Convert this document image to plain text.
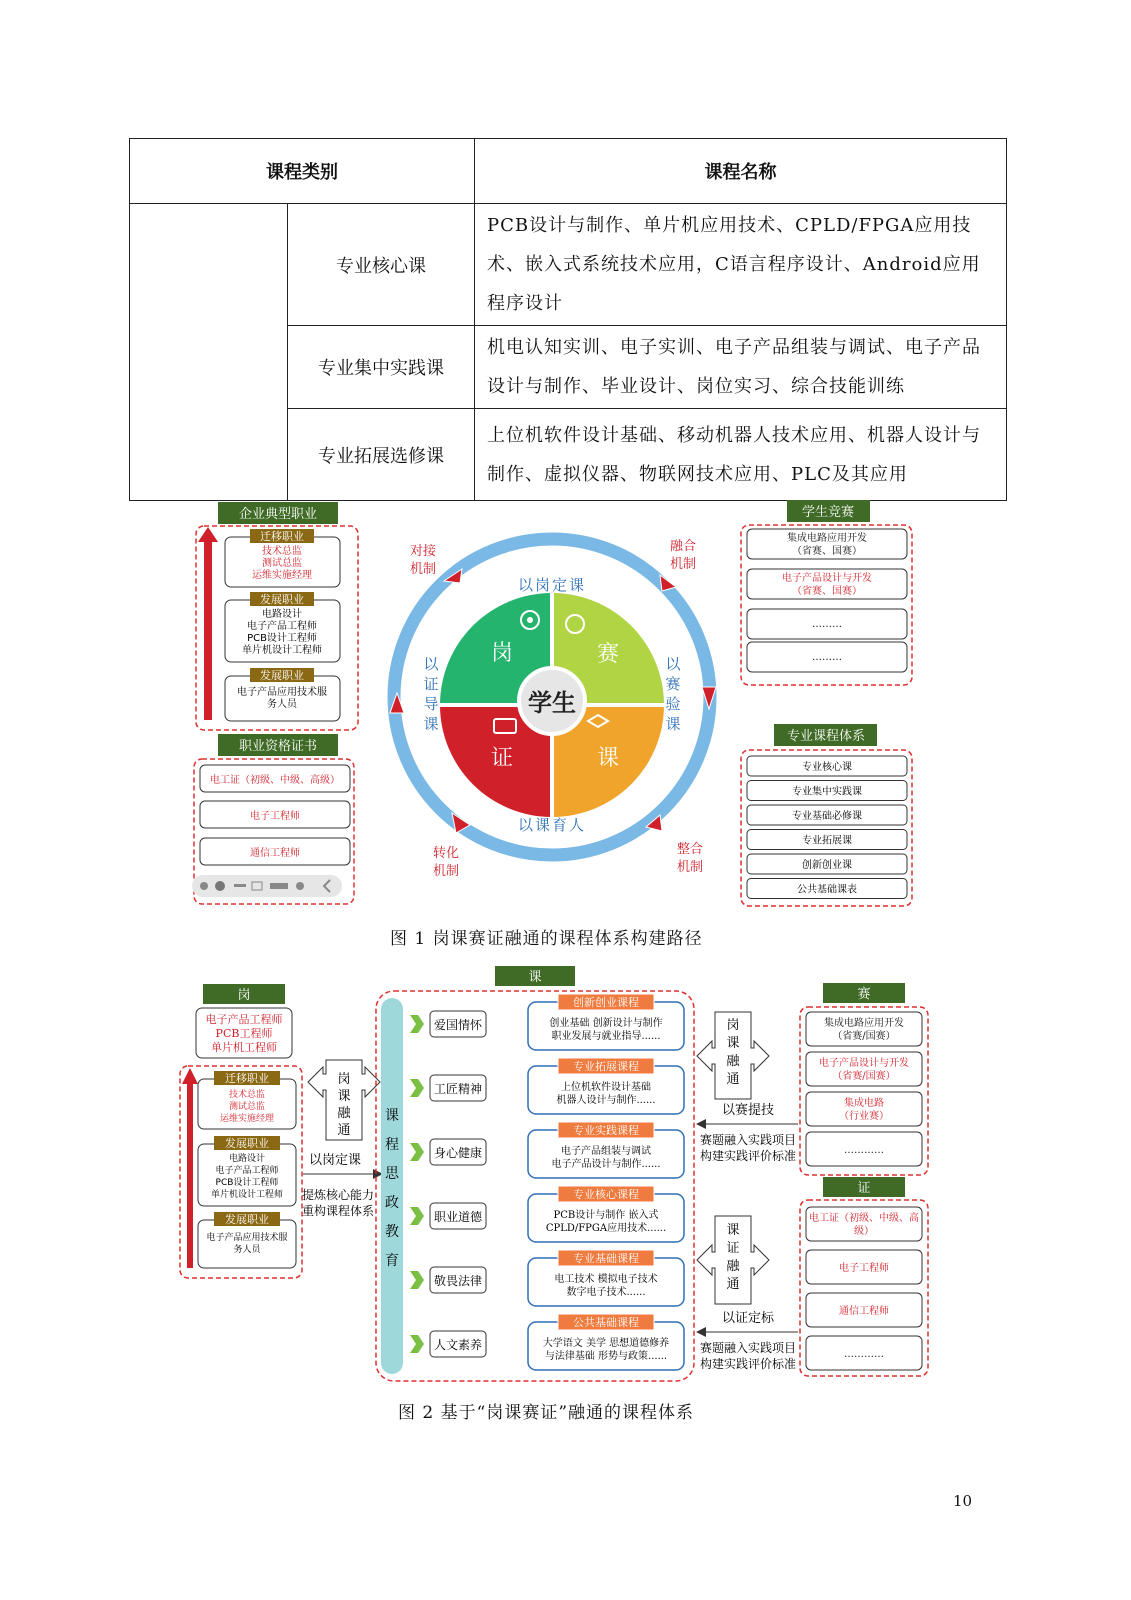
课程类别		课程名称
	专业核心课	PCB设计与制作、单片机应用技术、CPLD/FPGA应用技术、嵌入式系统技术应用，C语言程序设计、Android应用程序设计
	专业集中实践课	机电认知实训、电子实训、电子产品组装与调试、电子产品设计与制作、毕业设计、岗位实习、综合技能训练
	专业拓展选修课	上位机软件设计基础、移动机器人技术应用、机器人设计与制作、虚拟仪器、物联网技术应用、PLC及其应用
企业典型职业
迁移职业
技术总监
测试总监
运维实施经理
发展职业
电路设计
电子产品工程师
PCB设计工程师
单片机设计工程师
发展职业
电子产品应用技术服
务人员
职业资格证书
电工证（初级、中级、高级）
电子工程师
通信工程师
学生
岗	赛
证	课
以岗定课
以课育人
以
证
导
课
以
赛
验
课
对接
机制
融合
机制
转化
机制
整合
机制
学生竞赛
集成电路应用开发
（省赛、国赛）
电子产品设计与开发
（省赛、国赛）
………
………
专业课程体系
专业核心课
专业集中实践课
专业基础必修课
专业拓展课
创新创业课
公共基础课表
图 1 岗课赛证融通的课程体系构建路径
岗
电子产品工程师
PCB工程师
单片机工程师
迁移职业
技术总监
测试总监
运维实施经理
发展职业
电路设计
电子产品工程师
PCB设计工程师
单片机设计工程师
发展职业
电子产品应用技术服
务人员
岗
课
融
通
以岗定课
提炼核心能力
重构课程体系
课
课
程
思
政
教
育
爱国情怀
工匠精神
身心健康
职业道德
敬畏法律
人文素养
创新创业课程
创业基础 创新设计与制作
职业发展与就业指导......
专业拓展课程
上位机软件设计基础
机器人设计与制作......
专业实践课程
电子产品组装与调试
电子产品设计与制作......
专业核心课程
PCB设计与制作 嵌入式
CPLD/FPGA应用技术......
专业基础课程
电工技术 模拟电子技术
数字电子技术......
公共基础课程
大学语文 美学 思想道德修养
与法律基础 形势与政策......
岗
课
融
通
以赛提技
赛题融入实践项目
构建实践评价标准
课
证
融
通
以证定标
赛题融入实践项目
构建实践评价标准
赛
集成电路应用开发
（省赛/国赛）
电子产品设计与开发
（省赛/国赛）
集成电路
（行业赛）
…………
证
电工证（初级、中级、高
级）
电子工程师
通信工程师
…………
图 2 基于“岗课赛证”融通的课程体系
10
